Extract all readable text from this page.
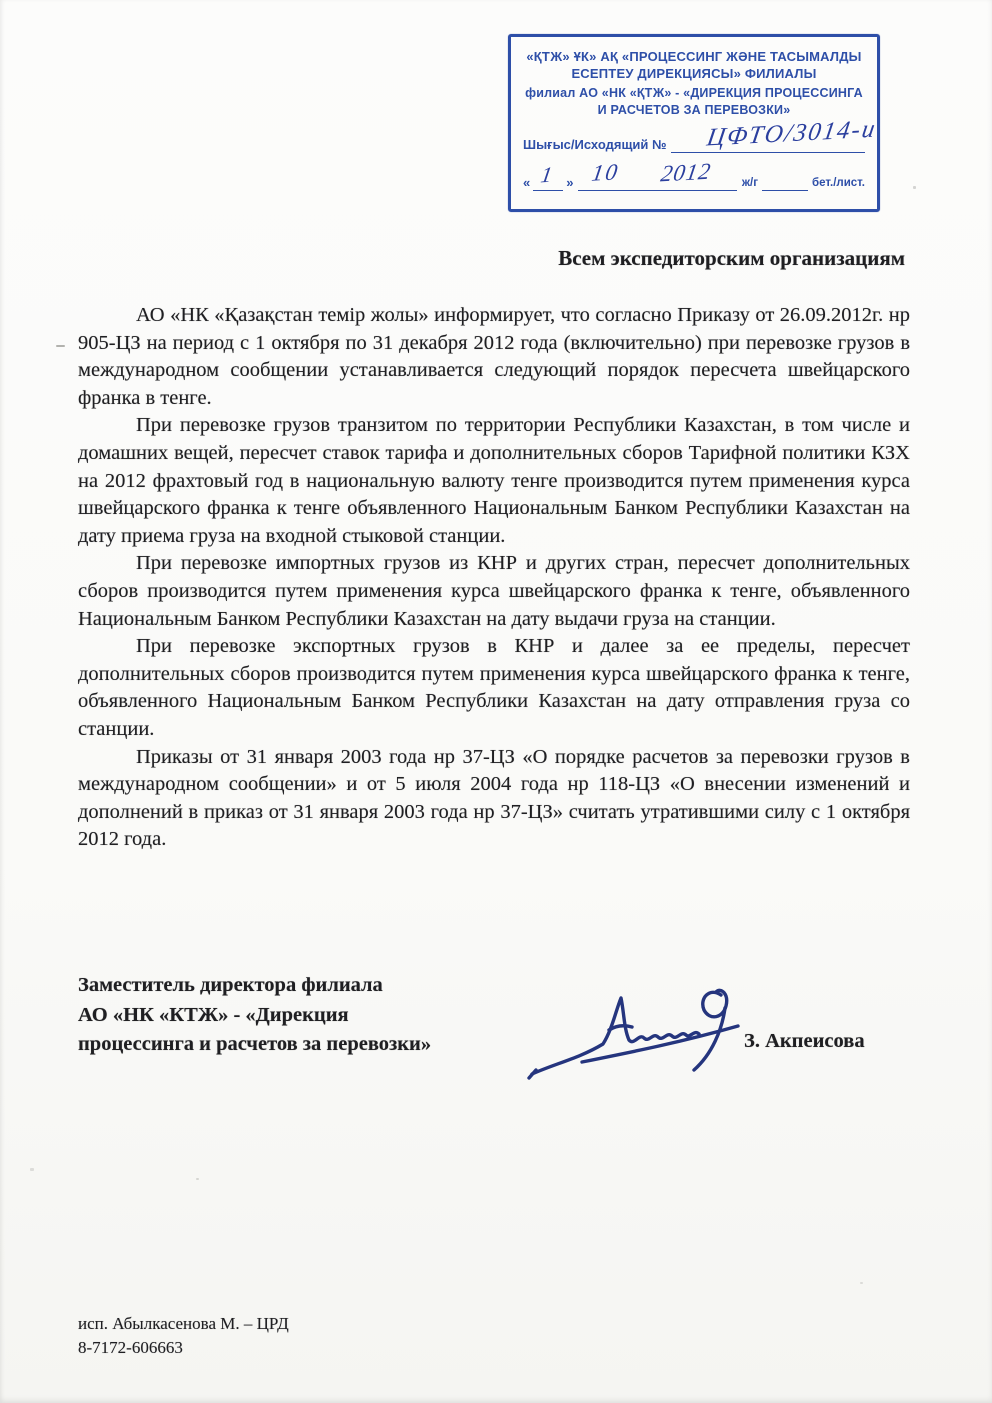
«ҚТЖ» ҰК» АҚ «ПРОЦЕССИНГ ЖӘНЕ ТАСЫМАЛДЫ
ЕСЕПТЕУ ДИРЕКЦИЯСЫ» ФИЛИАЛЫ
филиал АО «НК «ҚТЖ» - «ДИРЕКЦИЯ ПРОЦЕССИНГА
И РАСЧЕТОВ ЗА ПЕРЕВОЗКИ»
Шығыс/Исходящий № ЦФТО/3014-и
« 1 » 10 2012	ж/г	бет./лист.
Всем экспедиторским организациям

АО «НК «Қазақстан темір жолы» информирует, что согласно Приказу от 26.09.2012г. нр 905-ЦЗ на период с 1 октября по 31 декабря 2012 года (включительно) при перевозке грузов в международном сообщении устанавливается следующий порядок пересчета швейцарского франка в тенге.

При перевозке грузов транзитом по территории Республики Казахстан, в том числе и домашних вещей, пересчет ставок тарифа и дополнительных сборов Тарифной политики КЗХ на 2012 фрахтовый год в национальную валюту тенге производится путем применения курса швейцарского франка к тенге объявленного Национальным Банком Республики Казахстан на дату приема груза на входной стыковой станции.

При перевозке импортных грузов из КНР и других стран, пересчет дополнительных сборов производится путем применения курса швейцарского франка к тенге, объявленного Национальным Банком Республики Казахстан на дату выдачи груза на станции.

При перевозке экспортных грузов в КНР и далее за ее пределы, пересчет дополнительных сборов производится путем применения курса швейцарского франка к тенге, объявленного Национальным Банком Республики Казахстан на дату отправления груза со станции.

Приказы от 31 января 2003 года нр 37-ЦЗ «О порядке расчетов за перевозки грузов в международном сообщении» и от 5 июля 2004 года нр 118-ЦЗ «О внесении изменений и дополнений в приказ от 31 января 2003 года нр 37-ЦЗ» считать утратившими силу с 1 октября 2012 года.

Заместитель директора филиала
АО «НК «КТЖ» - «Дирекция
процессинга и расчетов за перевозки»	З. Акпеисова
исп. Абылкасенова М. – ЦРД
8-7172-606663
